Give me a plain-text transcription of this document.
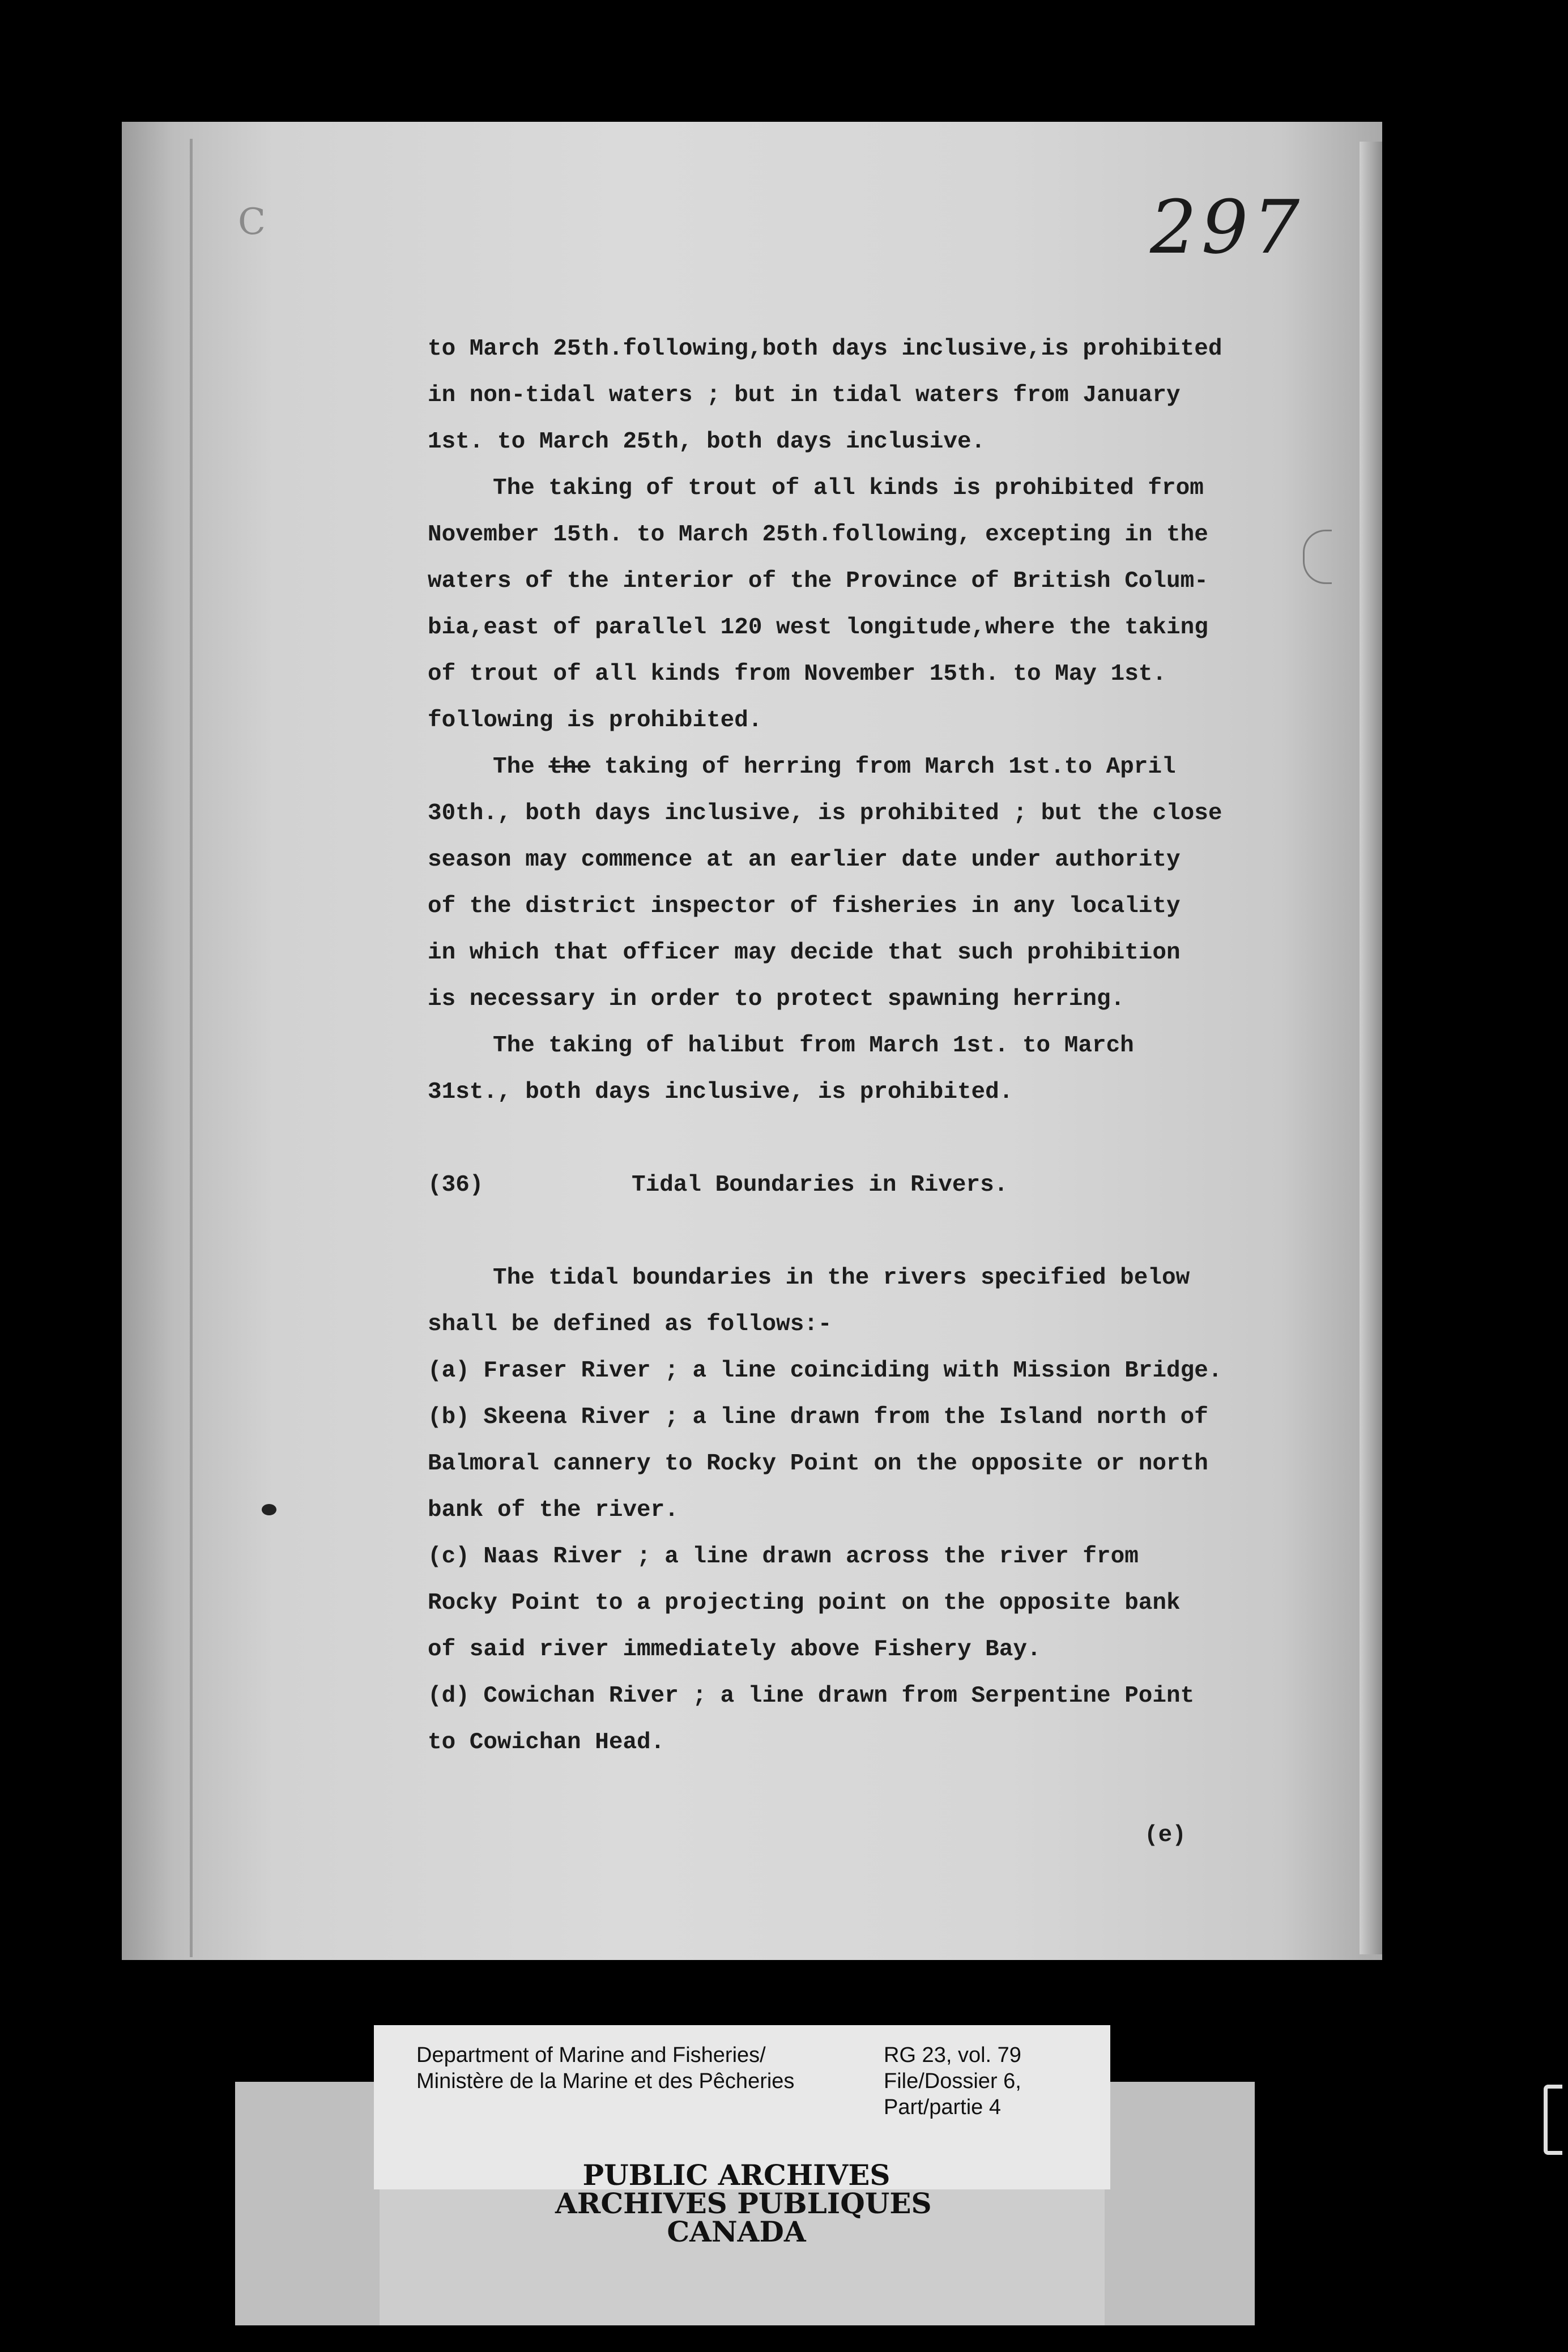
C	297
to March 25th.following,both days inclusive,is prohibited
in non-tidal waters ; but in tidal waters from January
1st. to March 25th, both days inclusive.
The taking of trout of all kinds is prohibited from
November 15th. to March 25th.following, excepting in the
waters of the interior of the Province of British Colum-
bia,east of parallel 120 west longitude,where the taking
of trout of all kinds from November 15th. to May 1st.
following is prohibited.
The the taking of herring from March 1st.to April
30th., both days inclusive, is prohibited ; but the close
season may commence at an earlier date under authority
of the district inspector of fisheries in any locality
in which that officer may decide that such prohibition
is necessary in order to protect spawning herring.
The taking of halibut from March 1st. to March
31st., both days inclusive, is prohibited.
(36)	Tidal Boundaries in Rivers.
The tidal boundaries in the rivers specified below
shall be defined as follows:-
(a) Fraser River ; a line coinciding with Mission Bridge.
(b) Skeena River ; a line drawn from the Island north of
Balmoral cannery to Rocky Point on the opposite or north
bank of the river.
(c) Naas River ; a line drawn across the river from
Rocky Point to a projecting point on the opposite bank
of said river immediately above Fishery Bay.
(d) Cowichan River ; a line drawn from Serpentine Point
to Cowichan Head.
(e)
Department of Marine and Fisheries/
Ministère de la Marine et des Pêcheries
RG 23, vol. 79
File/Dossier 6,
Part/partie 4
PUBLIC ARCHIVES
ARCHIVES PUBLIQUES
CANADA
